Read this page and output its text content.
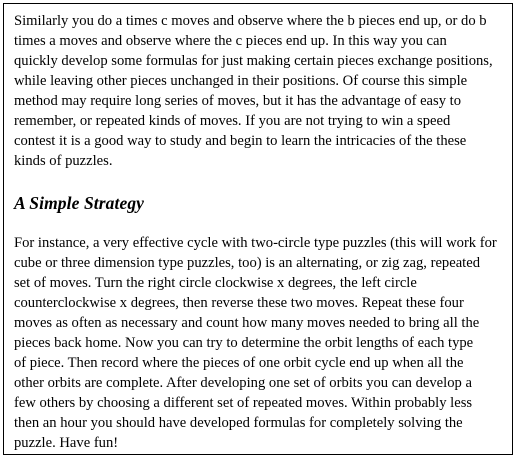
Similarly you do a times c moves and observe where the b pieces end up, or do b
times a moves and observe where the c pieces end up. In this way you can
quickly develop some formulas for just making certain pieces exchange positions,
while leaving other pieces unchanged in their positions. Of course this simple
method may require long series of moves, but it has the advantage of easy to
remember, or repeated kinds of moves. If you are not trying to win a speed
contest it is a good way to study and begin to learn the intricacies of the these
kinds of puzzles.

A Simple Strategy

For instance, a very effective cycle with two-circle type puzzles (this will work for
cube or three dimension type puzzles, too) is an alternating, or zig zag, repeated
set of moves. Turn the right circle clockwise x degrees, the left circle
counterclockwise x degrees, then reverse these two moves. Repeat these four
moves as often as necessary and count how many moves needed to bring all the
pieces back home. Now you can try to determine the orbit lengths of each type
of piece. Then record where the pieces of one orbit cycle end up when all the
other orbits are complete. After developing one set of orbits you can develop a
few others by choosing a different set of repeated moves. Within probably less
then an hour you should have developed formulas for completely solving the
puzzle. Have fun!
